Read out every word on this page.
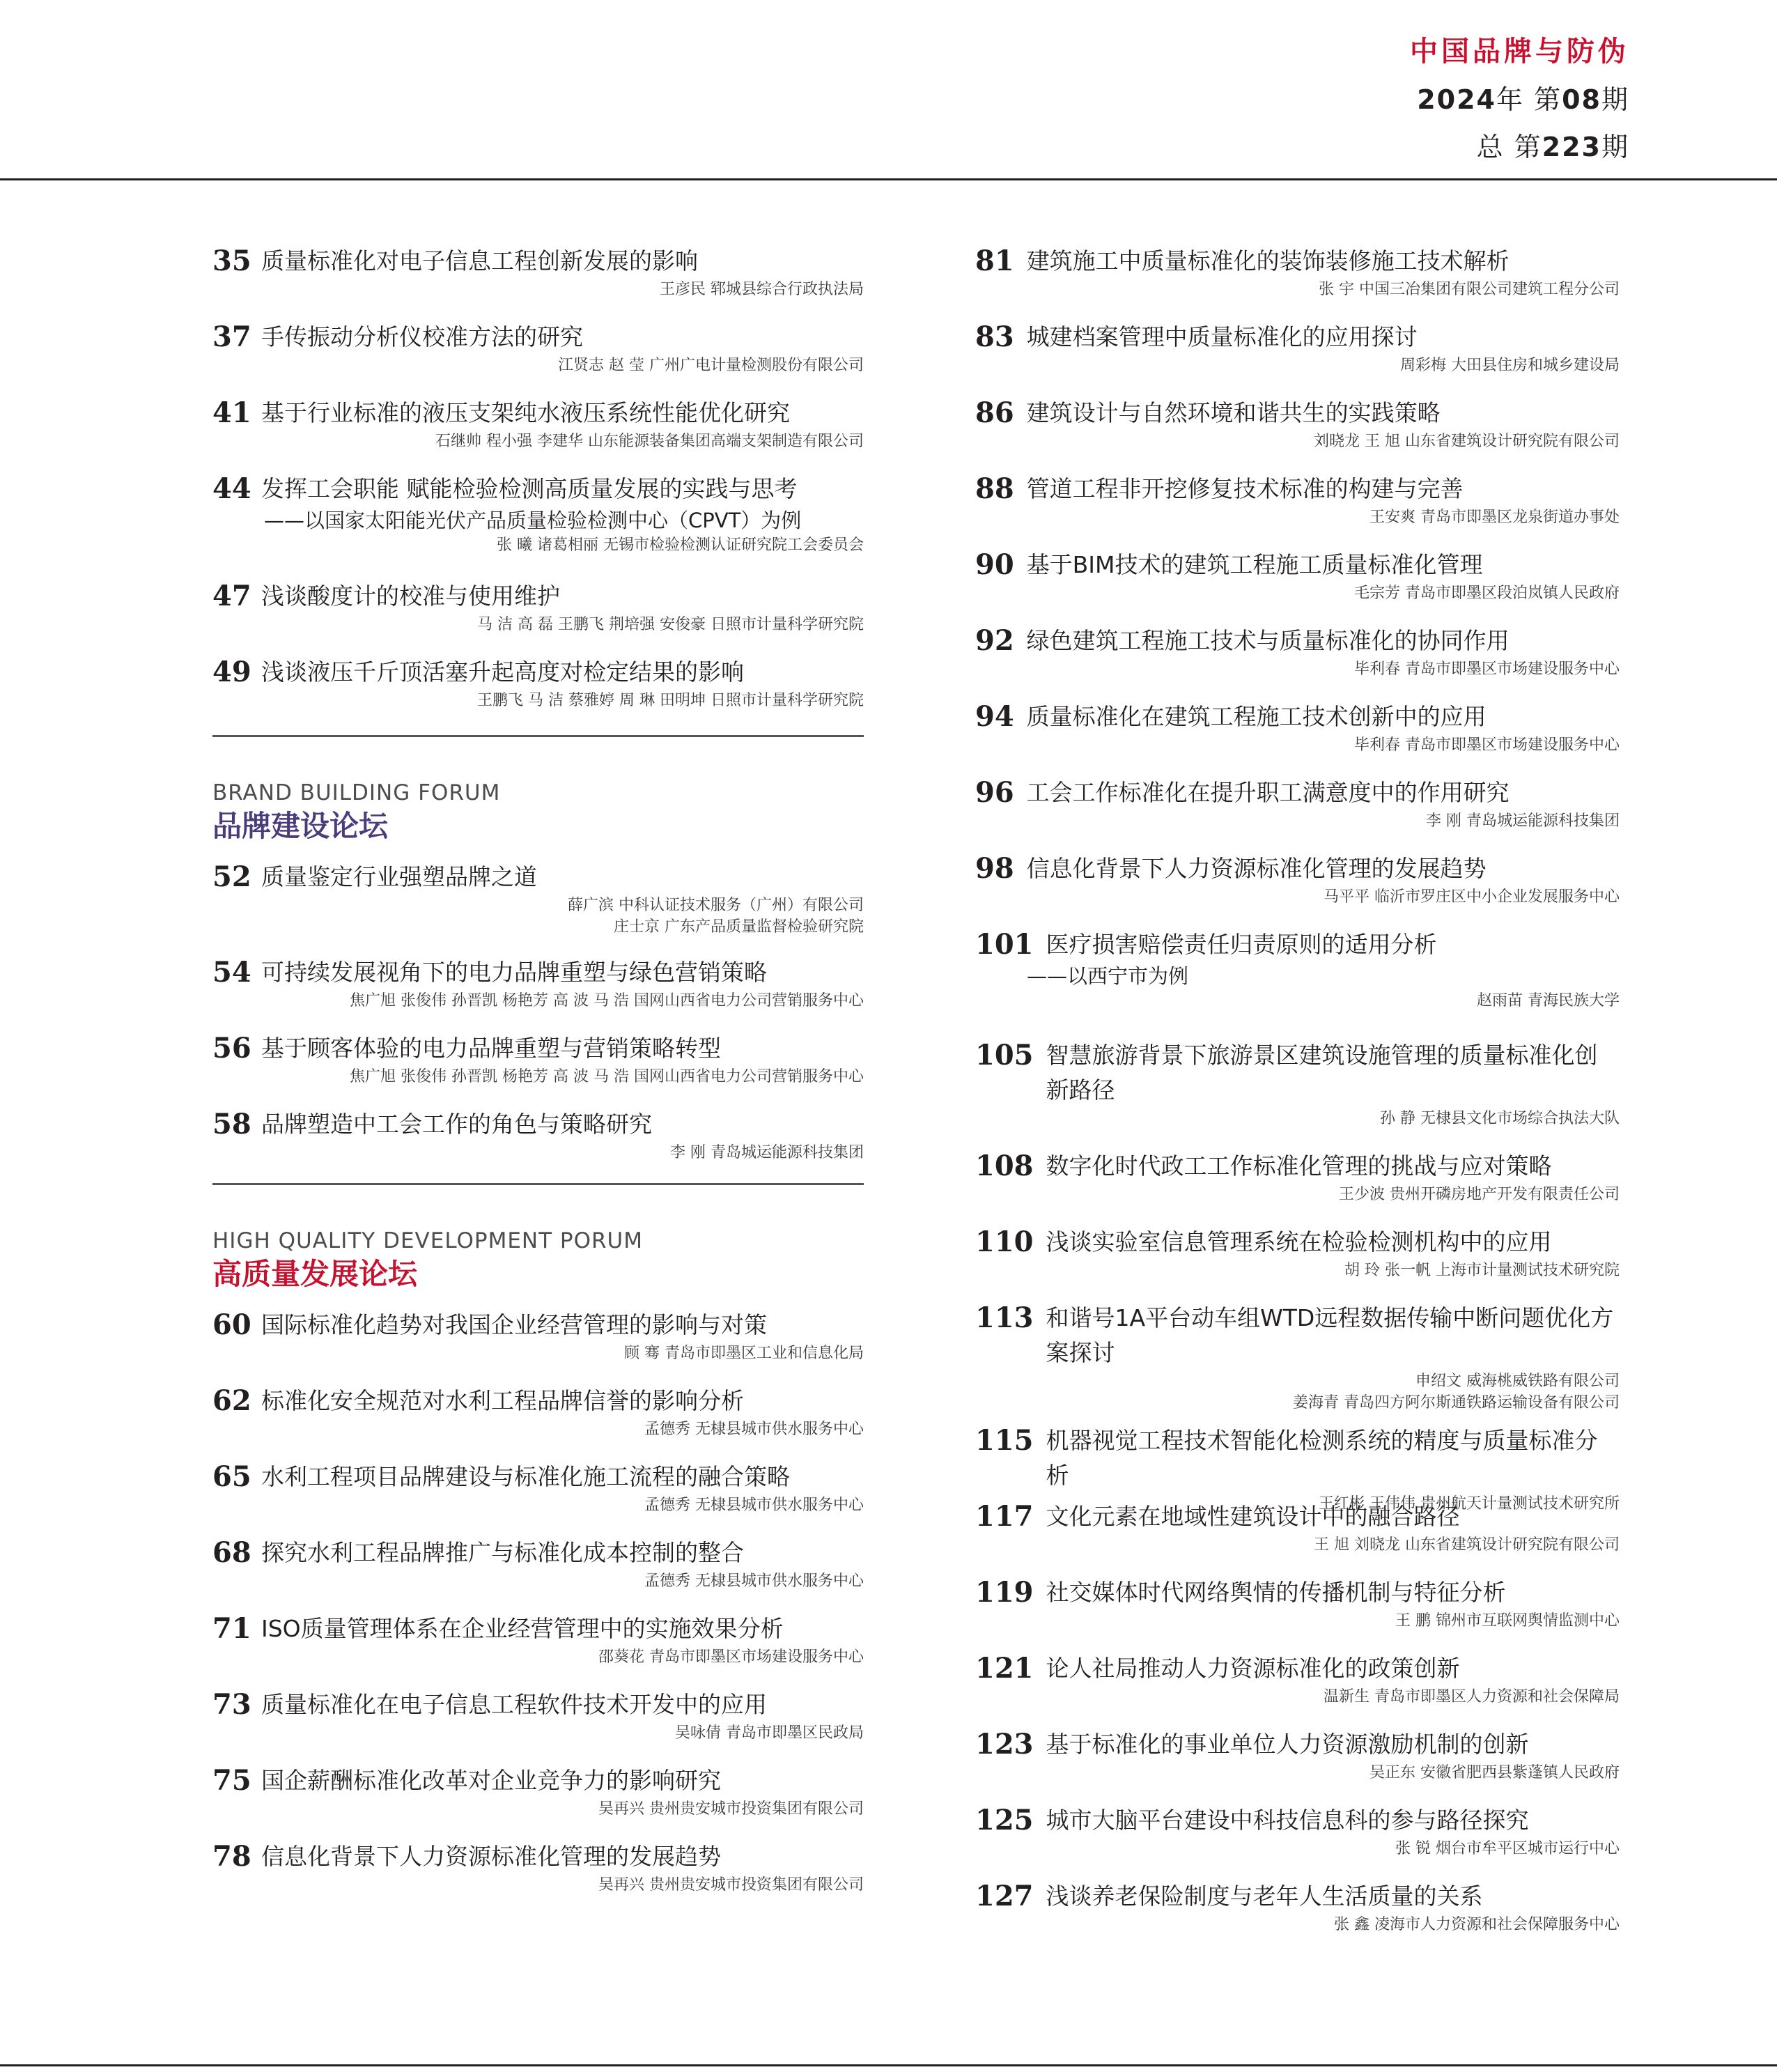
中国品牌与防伪
2024年 第08期
总 第223期
35 质量标准化对电子信息工程创新发展的影响
王彦民 郓城县综合行政执法局
37 手传振动分析仪校准方法的研究
江贤志 赵 莹 广州广电计量检测股份有限公司
41 基于行业标准的液压支架纯水液压系统性能优化研究
石继帅 程小强 李建华 山东能源装备集团高端支架制造有限公司
44 发挥工会职能 赋能检验检测高质量发展的实践与思考
——以国家太阳能光伏产品质量检验检测中心（CPVT）为例
张 曦 诸葛相丽 无锡市检验检测认证研究院工会委员会
47 浅谈酸度计的校准与使用维护
马 洁 高 磊 王鹏飞 荆培强 安俊豪 日照市计量科学研究院
49 浅谈液压千斤顶活塞升起高度对检定结果的影响
王鹏飞 马 洁 蔡雅婷 周 琳 田明坤 日照市计量科学研究院
BRAND BUILDING FORUM
品牌建设论坛
52 质量鉴定行业强塑品牌之道
薛广滨 中科认证技术服务（广州）有限公司
庄士京 广东产品质量监督检验研究院
54 可持续发展视角下的电力品牌重塑与绿色营销策略
焦广旭 张俊伟 孙晋凯 杨艳芳 高 波 马 浩 国网山西省电力公司营销服务中心
56 基于顾客体验的电力品牌重塑与营销策略转型
焦广旭 张俊伟 孙晋凯 杨艳芳 高 波 马 浩 国网山西省电力公司营销服务中心
58 品牌塑造中工会工作的角色与策略研究
李 刚 青岛城运能源科技集团
HIGH QUALITY DEVELOPMENT PORUM
高质量发展论坛
60 国际标准化趋势对我国企业经营管理的影响与对策
顾 骞 青岛市即墨区工业和信息化局
62 标准化安全规范对水利工程品牌信誉的影响分析
孟德秀 无棣县城市供水服务中心
65 水利工程项目品牌建设与标准化施工流程的融合策略
孟德秀 无棣县城市供水服务中心
68 探究水利工程品牌推广与标准化成本控制的整合
孟德秀 无棣县城市供水服务中心
71 ISO质量管理体系在企业经营管理中的实施效果分析
邵葵花 青岛市即墨区市场建设服务中心
73 质量标准化在电子信息工程软件技术开发中的应用
吴咏倩 青岛市即墨区民政局
75 国企薪酬标准化改革对企业竞争力的影响研究
吴再兴 贵州贵安城市投资集团有限公司
78 信息化背景下人力资源标准化管理的发展趋势
吴再兴 贵州贵安城市投资集团有限公司
81 建筑施工中质量标准化的装饰装修施工技术解析
张 宇 中国三冶集团有限公司建筑工程分公司
83 城建档案管理中质量标准化的应用探讨
周彩梅 大田县住房和城乡建设局
86 建筑设计与自然环境和谐共生的实践策略
刘晓龙 王 旭 山东省建筑设计研究院有限公司
88 管道工程非开挖修复技术标准的构建与完善
王安爽 青岛市即墨区龙泉街道办事处
90 基于BIM技术的建筑工程施工质量标准化管理
毛宗芳 青岛市即墨区段泊岚镇人民政府
92 绿色建筑工程施工技术与质量标准化的协同作用
毕利春 青岛市即墨区市场建设服务中心
94 质量标准化在建筑工程施工技术创新中的应用
毕利春 青岛市即墨区市场建设服务中心
96 工会工作标准化在提升职工满意度中的作用研究
李 刚 青岛城运能源科技集团
98 信息化背景下人力资源标准化管理的发展趋势
马平平 临沂市罗庄区中小企业发展服务中心
101 医疗损害赔偿责任归责原则的适用分析
——以西宁市为例
赵雨苗 青海民族大学
105 智慧旅游背景下旅游景区建筑设施管理的质量标准化创新路径
孙 静 无棣县文化市场综合执法大队
108 数字化时代政工工作标准化管理的挑战与应对策略
王少波 贵州开磷房地产开发有限责任公司
110 浅谈实验室信息管理系统在检验检测机构中的应用
胡 玲 张一帆 上海市计量测试技术研究院
113 和谐号1A平台动车组WTD远程数据传输中断问题优化方案探讨
申绍文 威海桃威铁路有限公司
姜海青 青岛四方阿尔斯通铁路运输设备有限公司
115 机器视觉工程技术智能化检测系统的精度与质量标准分析
王红彬 王伟伟 贵州航天计量测试技术研究所
117 文化元素在地域性建筑设计中的融合路径
王 旭 刘晓龙 山东省建筑设计研究院有限公司
119 社交媒体时代网络舆情的传播机制与特征分析
王 鹏 锦州市互联网舆情监测中心
121 论人社局推动人力资源标准化的政策创新
温新生 青岛市即墨区人力资源和社会保障局
123 基于标准化的事业单位人力资源激励机制的创新
吴正东 安徽省肥西县紫蓬镇人民政府
125 城市大脑平台建设中科技信息科的参与路径探究
张 锐 烟台市牟平区城市运行中心
127 浅谈养老保险制度与老年人生活质量的关系
张 鑫 凌海市人力资源和社会保障服务中心
